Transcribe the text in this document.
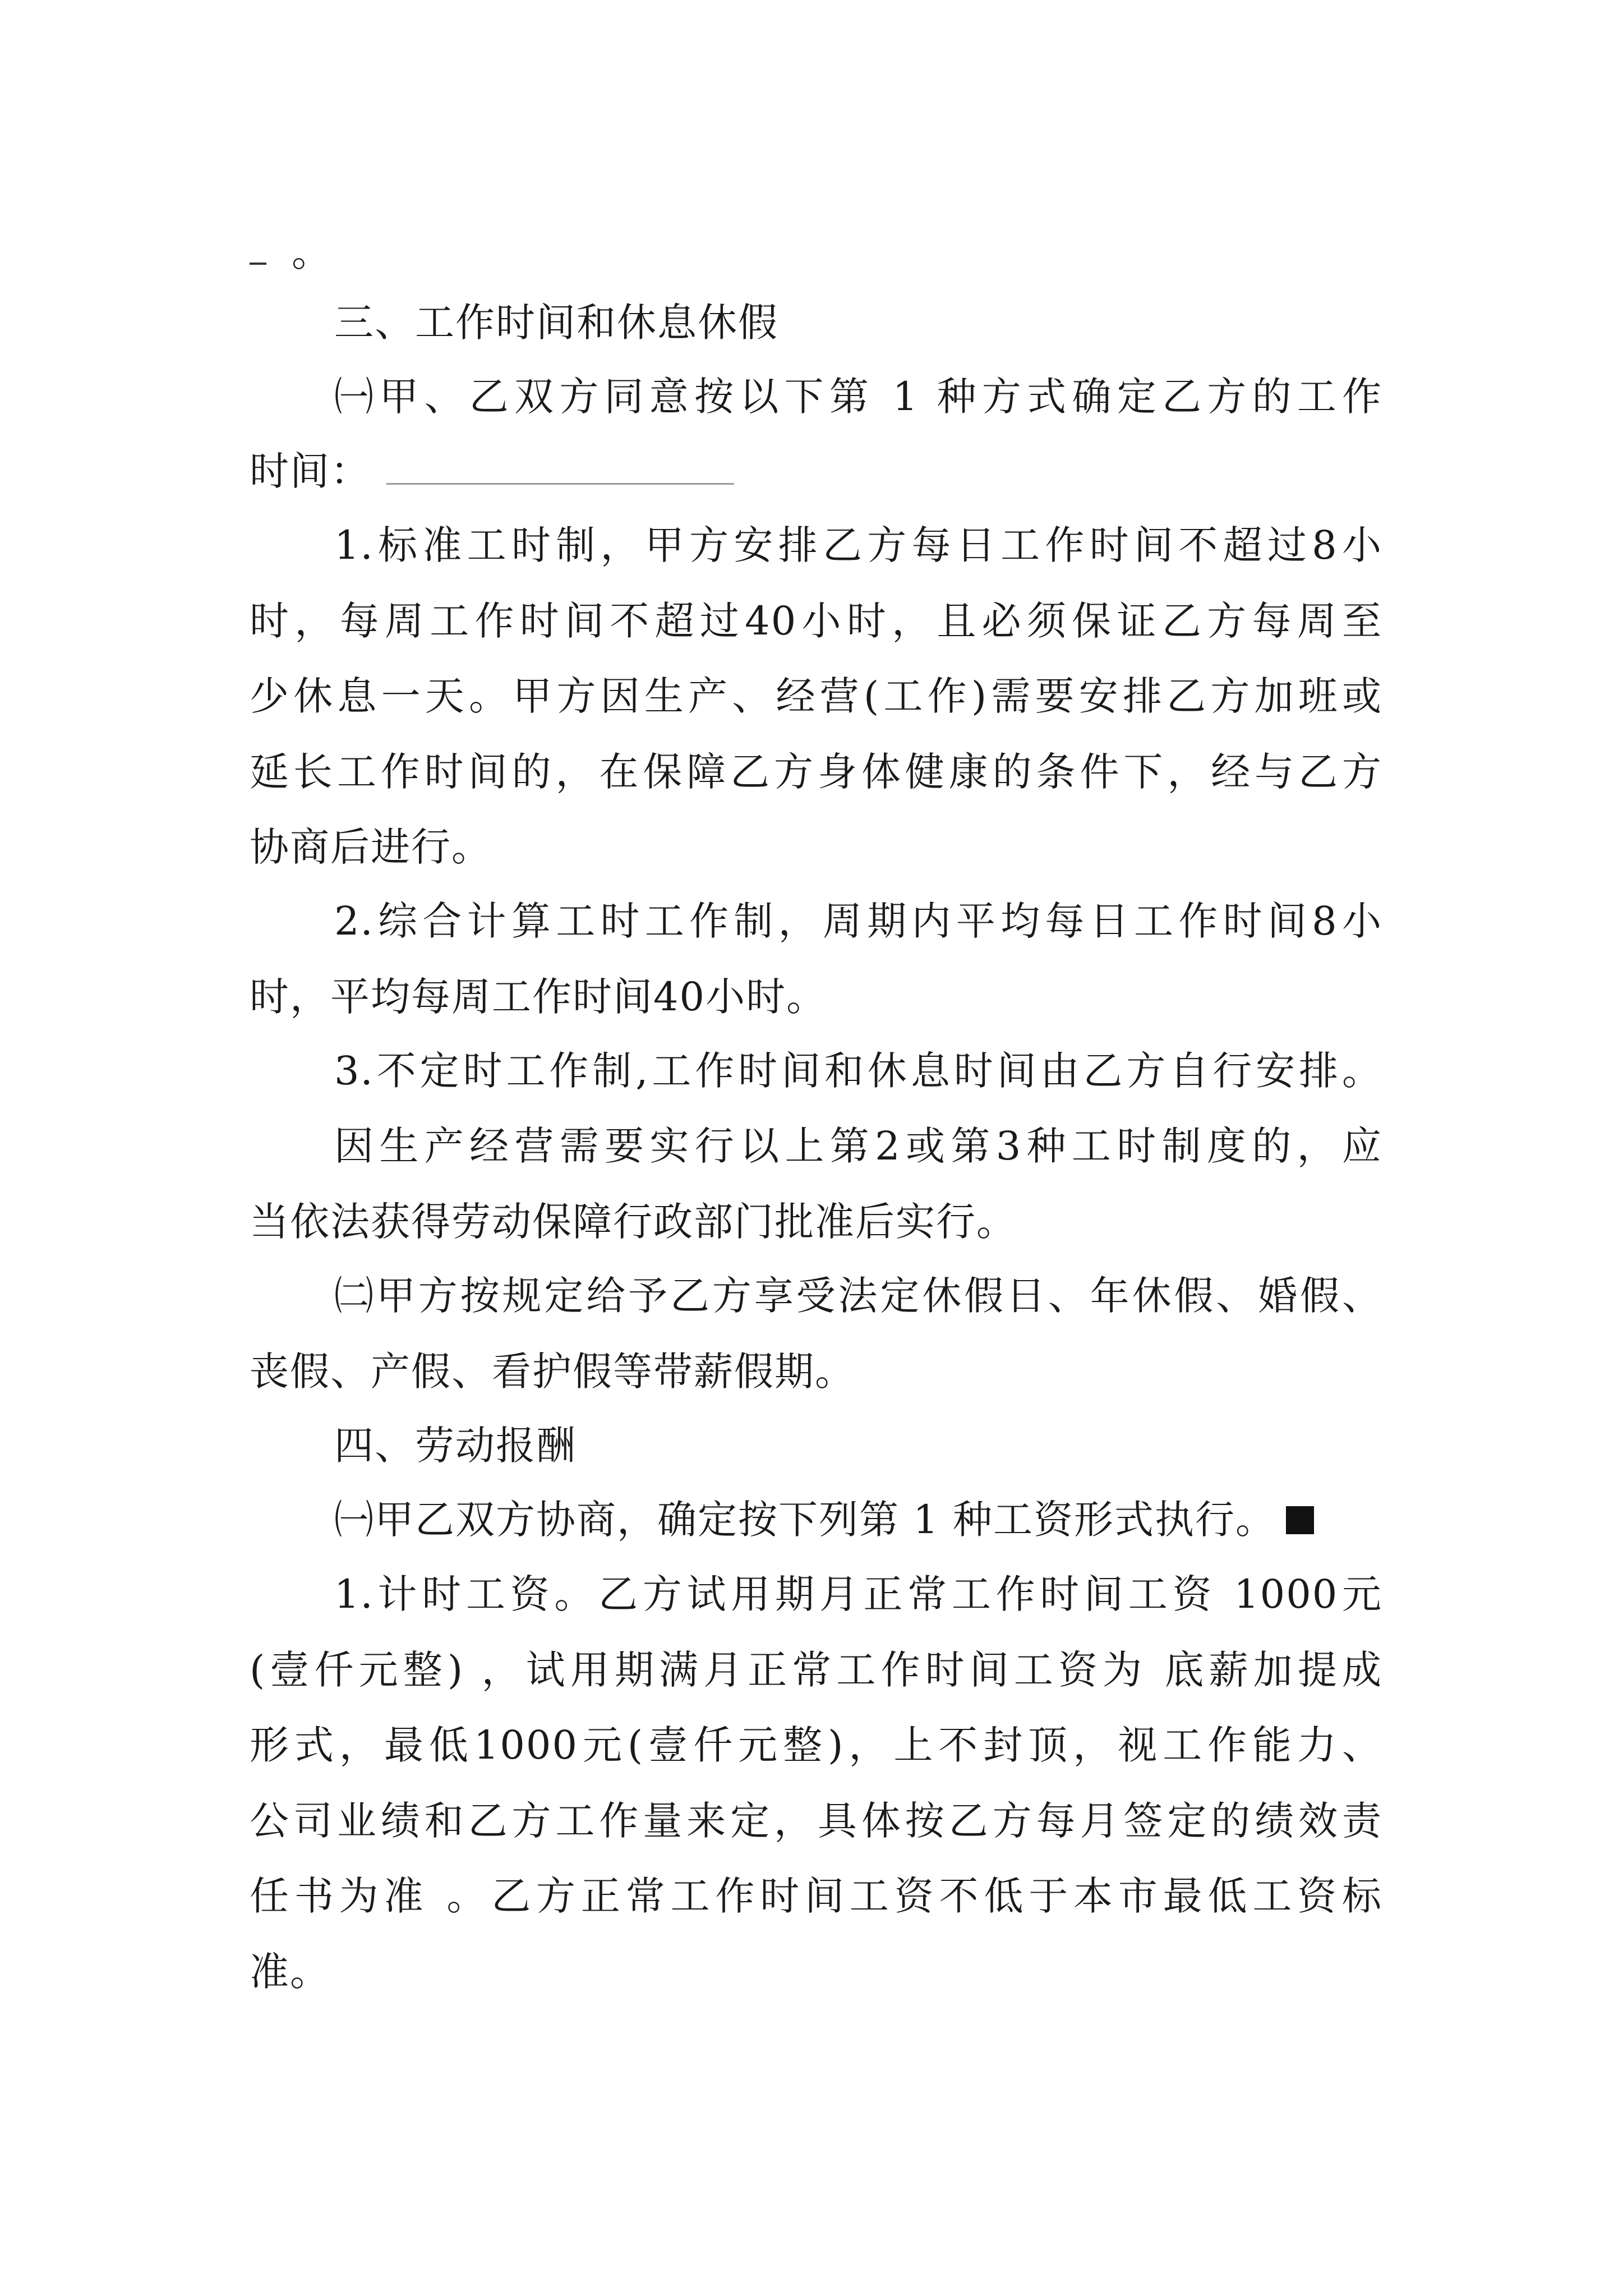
。
三、工作时间和休息休假
㈠甲、乙双方同意按以下第 1 种方式确定乙方的工作
时间：
1.标准工时制，甲方安排乙方每日工作时间不超过8小
时，每周工作时间不超过40小时，且必须保证乙方每周至
少休息一天。甲方因生产、经营(工作)需要安排乙方加班或
延长工作时间的，在保障乙方身体健康的条件下，经与乙方
协商后进行。
2.综合计算工时工作制，周期内平均每日工作时间8小
时，平均每周工作时间40小时。
3.不定时工作制,工作时间和休息时间由乙方自行安排。
因生产经营需要实行以上第2或第3种工时制度的，应
当依法获得劳动保障行政部门批准后实行。
㈡甲方按规定给予乙方享受法定休假日、年休假、婚假、
丧假、产假、看护假等带薪假期。
四、劳动报酬
㈠甲乙双方协商，确定按下列第 1 种工资形式执行。
1.计时工资。乙方试用期月正常工作时间工资 1000元
(壹仟元整) ，试用期满月正常工作时间工资为 底薪加提成
形式，最低1000元(壹仟元整)，上不封顶，视工作能力、
公司业绩和乙方工作量来定，具体按乙方每月签定的绩效责
任书为准 。乙方正常工作时间工资不低于本市最低工资标
准。
